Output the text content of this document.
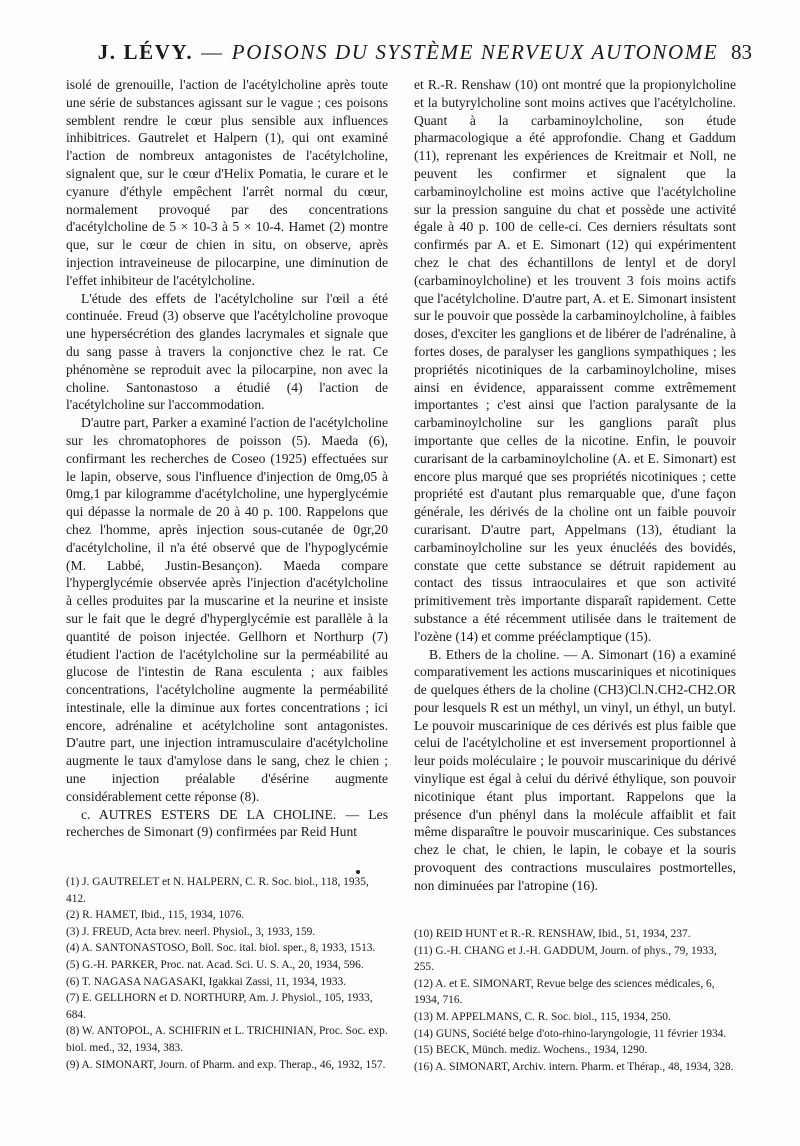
J. LÉVY. — POISONS DU SYSTÈME NERVEUX AUTONOME 83

isolé de grenouille, l'action de l'acétylcholine après toute une série de substances agissant sur le vague ; ces poisons semblent rendre le cœur plus sensible aux influences inhibitrices. Gautrelet et Halpern (1), qui ont examiné l'action de nombreux antagonistes de l'acétylcholine, signalent que, sur le cœur d'Helix Pomatia, le curare et le cyanure d'éthyle empêchent l'arrêt normal du cœur, normalement provoqué par des concentrations d'acétylcholine de 5 × 10-3 à 5 × 10-4. Hamet (2) montre que, sur le cœur de chien in situ, on observe, après injection intraveineuse de pilocarpine, une diminution de l'effet inhibiteur de l'acétylcholine.

L'étude des effets de l'acétylcholine sur l'œil a été continuée. Freud (3) observe que l'acétylcholine provoque une hypersécrétion des glandes lacrymales et signale que du sang passe à travers la conjonctive chez le rat. Ce phénomène se reproduit avec la pilocarpine, non avec la choline. Santonastoso a étudié (4) l'action de l'acétylcholine sur l'accommodation.

D'autre part, Parker a examiné l'action de l'acétylcholine sur les chromatophores de poisson (5). Maeda (6), confirmant les recherches de Coseo (1925) effectuées sur le lapin, observe, sous l'influence d'injection de 0mg,05 à 0mg,1 par kilogramme d'acétylcholine, une hyperglycémie qui dépasse la normale de 20 à 40 p. 100. Rappelons que chez l'homme, après injection sous-cutanée de 0gr,20 d'acétylcholine, il n'a été observé que de l'hypoglycémie (M. Labbé, Justin-Besançon). Maeda compare l'hyperglycémie observée après l'injection d'acétylcholine à celles produites par la muscarine et la neurine et insiste sur le fait que le degré d'hyperglycémie est parallèle à la quantité de poison injectée. Gellhorn et Northurp (7) étudient l'action de l'acétylcholine sur la perméabilité au glucose de l'intestin de Rana esculenta ; aux faibles concentrations, l'acétylcholine augmente la perméabilité intestinale, elle la diminue aux fortes concentrations ; ici encore, adrénaline et acétylcholine sont antagonistes. D'autre part, une injection intramusculaire d'acétylcholine augmente le taux d'amylose dans le sang, chez le chien ; une injection préalable d'ésérine augmente considérablement cette réponse (8).

c. AUTRES ESTERS DE LA CHOLINE. — Les recherches de Simonart (9) confirmées par Reid Hunt

et R.-R. Renshaw (10) ont montré que la propionylcholine et la butyrylcholine sont moins actives que l'acétylcholine. Quant à la carbaminoylcholine, son étude pharmacologique a été approfondie. Chang et Gaddum (11), reprenant les expériences de Kreitmair et Noll, ne peuvent les confirmer et signalent que la carbaminoylcholine est moins active que l'acétylcholine sur la pression sanguine du chat et possède une activité égale à 40 p. 100 de celle-ci. Ces derniers résultats sont confirmés par A. et E. Simonart (12) qui expérimentent chez le chat des échantillons de lentyl et de doryl (carbaminoylcholine) et les trouvent 3 fois moins actifs que l'acétylcholine. D'autre part, A. et E. Simonart insistent sur le pouvoir que possède la carbaminoylcholine, à faibles doses, d'exciter les ganglions et de libérer de l'adrénaline, à fortes doses, de paralyser les ganglions sympathiques ; les propriétés nicotiniques de la carbaminoylcholine, mises ainsi en évidence, apparaissent comme extrêmement importantes ; c'est ainsi que l'action paralysante de la carbaminoylcholine sur les ganglions paraît plus importante que celles de la nicotine. Enfin, le pouvoir curarisant de la carbaminoylcholine (A. et E. Simonart) est encore plus marqué que ses propriétés nicotiniques ; cette propriété est d'autant plus remarquable que, d'une façon générale, les dérivés de la choline ont un faible pouvoir curarisant. D'autre part, Appelmans (13), étudiant la carbaminoylcholine sur les yeux énucléés des bovidés, constate que cette substance se détruit rapidement au contact des tissus intraoculaires et que son activité primitivement très importante disparaît rapidement. Cette substance a été récemment utilisée dans le traitement de l'ozène (14) et comme prééclamptique (15).

B. Ethers de la choline. — A. Simonart (16) a examiné comparativement les actions muscariniques et nicotiniques de quelques éthers de la choline (CH3)Cl.N.CH2-CH2.OR pour lesquels R est un méthyl, un vinyl, un éthyl, un butyl. Le pouvoir muscarinique de ces dérivés est plus faible que celui de l'acétylcholine et est inversement proportionnel à leur poids moléculaire ; le pouvoir muscarinique du dérivé vinylique est égal à celui du dérivé éthylique, son pouvoir nicotinique étant plus important. Rappelons que la présence d'un phényl dans la molécule affaiblit et fait même disparaître le pouvoir muscarinique. Ces substances chez le chat, le chien, le lapin, le cobaye et la souris provoquent des contractions musculaires postmortelles, non diminuées par l'atropine (16).

(1) J. GAUTRELET et N. HALPERN, C. R. Soc. biol., 118, 1935, 412.

(2) R. HAMET, Ibid., 115, 1934, 1076.

(3) J. FREUD, Acta brev. neerl. Physiol., 3, 1933, 159.

(4) A. SANTONASTOSO, Boll. Soc. ital. biol. sper., 8, 1933, 1513.

(5) G.-H. PARKER, Proc. nat. Acad. Sci. U. S. A., 20, 1934, 596.

(6) T. NAGASA NAGASAKI, Igakkai Zassi, 11, 1934, 1933.

(7) E. GELLHORN et D. NORTHURP, Am. J. Physiol., 105, 1933, 684.

(8) W. ANTOPOL, A. SCHIFRIN et L. TRICHINIAN, Proc. Soc. exp. biol. med., 32, 1934, 383.

(9) A. SIMONART, Journ. of Pharm. and exp. Therap., 46, 1932, 157.

(10) REID HUNT et R.-R. RENSHAW, Ibid., 51, 1934, 237.

(11) G.-H. CHANG et J.-H. GADDUM, Journ. of phys., 79, 1933, 255.

(12) A. et E. SIMONART, Revue belge des sciences médicales, 6, 1934, 716.

(13) M. APPELMANS, C. R. Soc. biol., 115, 1934, 250.

(14) GUNS, Société belge d'oto-rhino-laryngologie, 11 février 1934.

(15) BECK, Münch. mediz. Wochens., 1934, 1290.

(16) A. SIMONART, Archiv. intern. Pharm. et Thérap., 48, 1934, 328.
